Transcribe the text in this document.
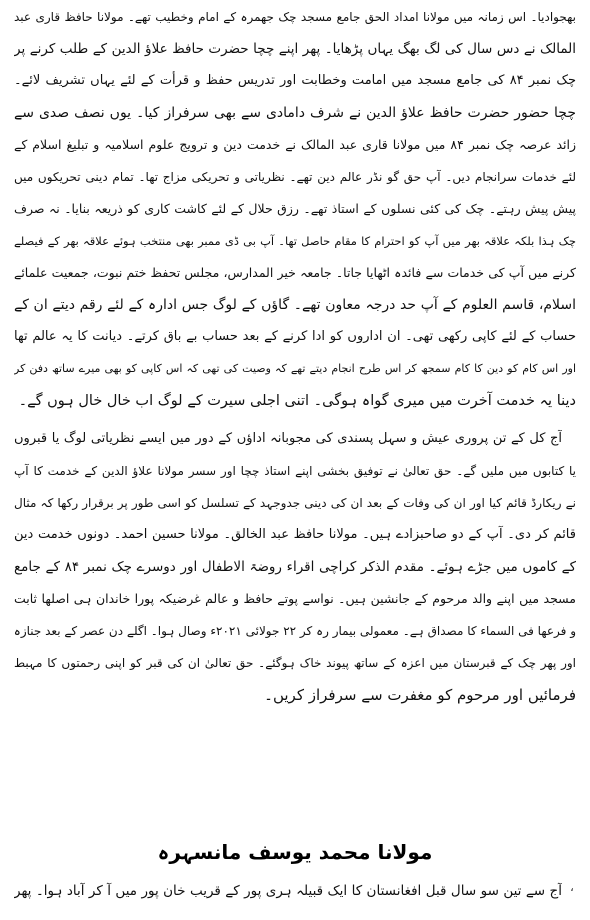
بھجوادیا۔ اس زمانہ میں مولانا امداد الحق جامع مسجد چک جھمرہ کے امام وخطیب تھے۔ مولانا حافظ قاری عبد
المالک نے دس سال کی لگ بھگ یہاں پڑھایا۔ پھر اپنے چچا حضرت حافظ علاؤ الدین کے طلب کرنے پر
چک نمبر ۸۴ کی جامع مسجد میں امامت وخطابت اور تدریس حفظ و قرأت کے لئے یہاں تشریف لائے۔
چچا حضور حضرت حافظ علاؤ الدین نے شرف دامادی سے بھی سرفراز کیا۔ یوں نصف صدی سے
زائد عرصہ چک نمبر ۸۴ میں مولانا قاری عبد المالک نے خدمت دین و ترویج علوم اسلامیہ و تبلیغ اسلام کے
لئے خدمات سرانجام دیں۔ آپ حق گو نڈر عالم دین تھے۔ نظریاتی و تحریکی مزاج تھا۔ تمام دینی تحریکوں میں
پیش پیش رہتے۔ چک کی کئی نسلوں کے استاذ تھے۔ رزق حلال کے لئے کاشت کاری کو ذریعہ بنایا۔ نہ صرف
چک ہذا بلکہ علاقہ بھر میں آپ کو احترام کا مقام حاصل تھا۔ آپ بی ڈی ممبر بھی منتخب ہوئے علاقہ بھر کے فیصلے
کرنے میں آپ کی خدمات سے فائدہ اٹھایا جاتا۔ جامعہ خیر المدارس، مجلس تحفظ ختم نبوت، جمعیت علمائے
اسلام، قاسم العلوم کے آپ حد درجہ معاون تھے۔ گاؤں کے لوگ جس ادارہ کے لئے رقم دیتے ان کے
حساب کے لئے کاپی رکھی تھی۔ ان اداروں کو ادا کرنے کے بعد حساب بے باق کرتے۔ دیانت کا یہ عالم تھا
اور اس کام کو دین کا کام سمجھ کر اس طرح انجام دیتے تھے کہ وصیت کی تھی کہ اس کاپی کو بھی میرے ساتھ دفن کر
دینا یہ خدمت آخرت میں میری گواہ ہوگی۔ اتنی اجلی سیرت کے لوگ اب خال خال ہوں گے۔
آج کل کے تن پروری عیش و سہل پسندی کی مجوبانہ اداؤں کے دور میں ایسے نظریاتی لوگ یا قبروں
یا کتابوں میں ملیں گے۔ حق تعالیٰ نے توفیق بخشی اپنے استاذ چچا اور سسر مولانا علاؤ الدین کے خدمت کا آپ
نے ریکارڈ قائم کیا اور ان کی وفات کے بعد ان کی دینی جدوجہد کے تسلسل کو اسی طور پر برقرار رکھا کہ مثال
قائم کر دی۔ آپ کے دو صاحبزادے ہیں۔ مولانا حافظ عبد الخالق۔ مولانا حسین احمد۔ دونوں خدمت دین
کے کاموں میں جڑے ہوئے۔ مقدم الذکر کراچی اقراء روضۃ الاطفال اور دوسرے چک نمبر ۸۴ کے جامع
مسجد میں اپنے والد مرحوم کے جانشین ہیں۔ نواسے پوتے حافظ و عالم غرضیکہ پورا خاندان ہی اصلھا ثابت
و فرعھا فی السماء کا مصداق ہے۔ معمولی بیمار رہ کر ۲۲ جولائی ۲۰۲۱ء وصال ہوا۔ اگلے دن عصر کے بعد جنازہ
اور پھر چک کے قبرستان میں اعزہ کے ساتھ پیوند خاک ہوگئے۔ حق تعالیٰ ان کی قبر کو اپنی رحمتوں کا مہبط
فرمائیں اور مرحوم کو مغفرت سے سرفراز کریں۔
مولانا محمد یوسف مانسہرہ
آج سے تین سو سال قبل افغانستان کا ایک قبیلہ ہری پور کے قریب خان پور میں آ کر آباد ہوا۔ پھر ،
